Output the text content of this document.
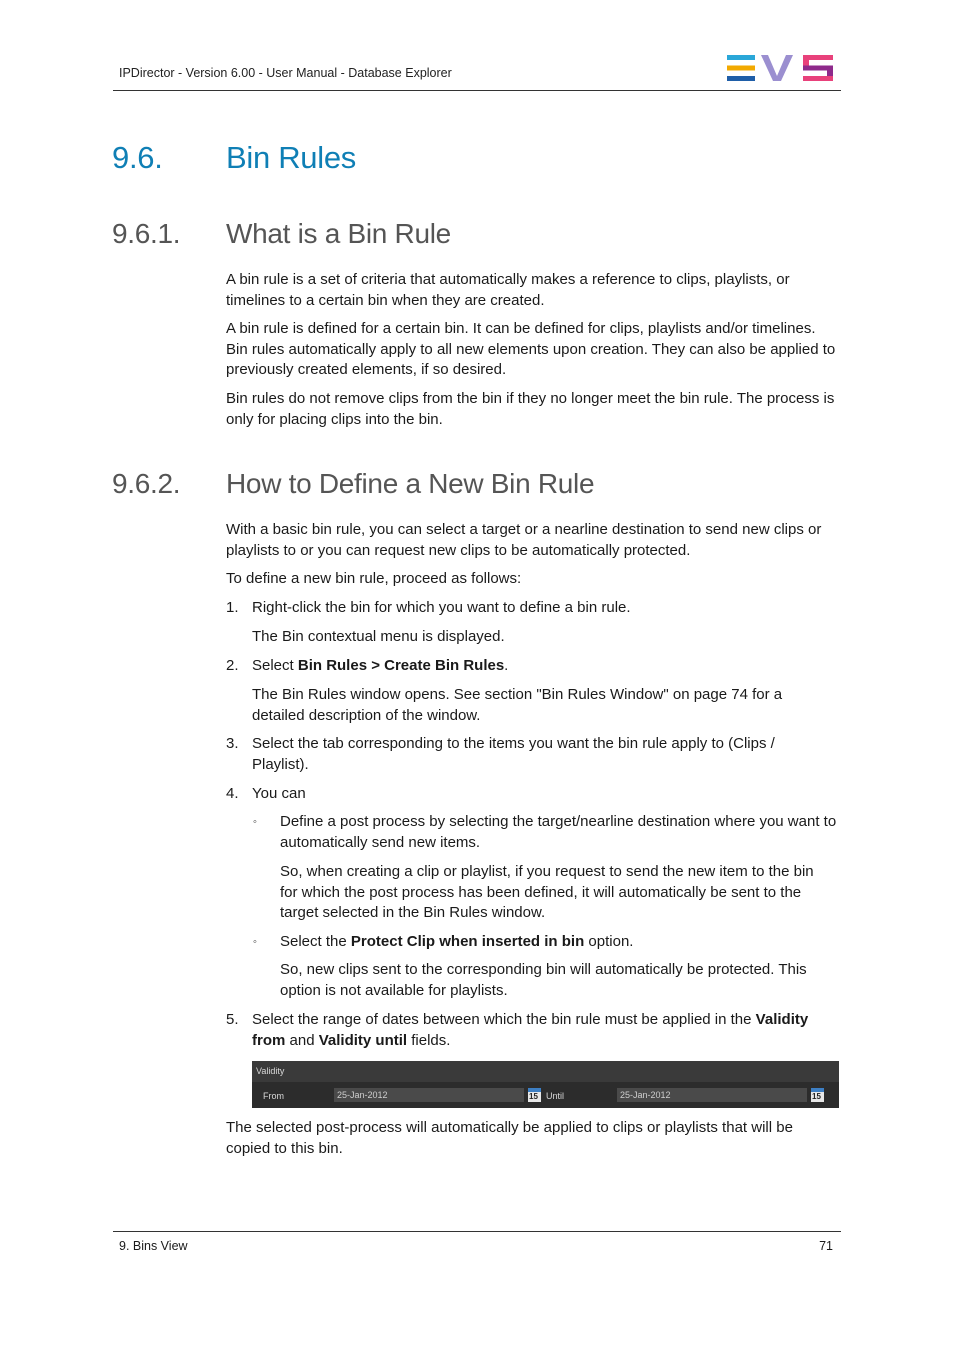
IPDirector - Version 6.00 - User Manual - Database Explorer
9.6. Bin Rules
9.6.1. What is a Bin Rule

A bin rule is a set of criteria that automatically makes a reference to clips, playlists, or timelines to a certain bin when they are created.

A bin rule is defined for a certain bin. It can be defined for clips, playlists and/or timelines. Bin rules automatically apply to all new elements upon creation. They can also be applied to previously created elements, if so desired.

Bin rules do not remove clips from the bin if they no longer meet the bin rule. The process is only for placing clips into the bin.

9.6.2. How to Define a New Bin Rule

With a basic bin rule, you can select a target or a nearline destination to send new clips or playlists to or you can request new clips to be automatically protected.

To define a new bin rule, proceed as follows:

1. Right-click the bin for which you want to define a bin rule.

The Bin contextual menu is displayed.

2. Select Bin Rules > Create Bin Rules.

The Bin Rules window opens. See section "Bin Rules Window" on page 74 for a detailed description of the window.

3. Select the tab corresponding to the items you want the bin rule apply to (Clips / Playlist).

4. You can

◦ Define a post process by selecting the target/nearline destination where you want to automatically send new items.

So, when creating a clip or playlist, if you request to send the new item to the bin for which the post process has been defined, it will automatically be sent to the target selected in the Bin Rules window.

◦ Select the Protect Clip when inserted in bin option.

So, new clips sent to the corresponding bin will automatically be protected. This option is not available for playlists.

5. Select the range of dates between which the bin rule must be applied in the Validity from and Validity until fields.

Validity
From	25-Jan-2012	15 Until	25-Jan-2012	15

The selected post-process will automatically be applied to clips or playlists that will be copied to this bin.

9. Bins View	71
